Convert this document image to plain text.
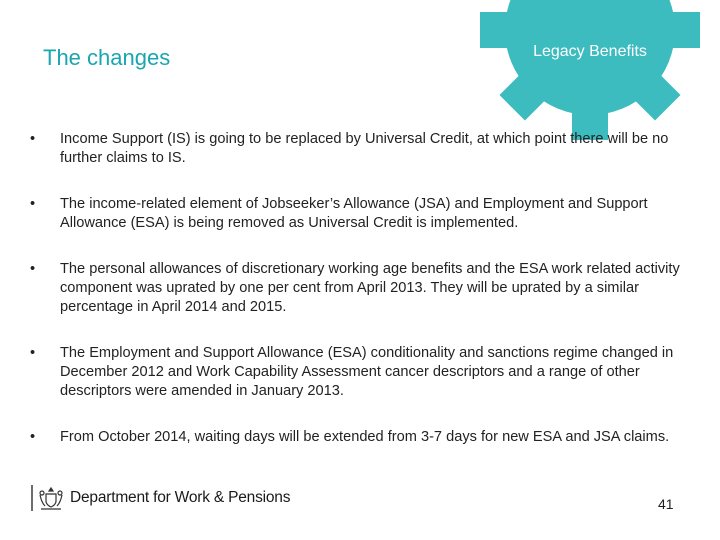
Legacy Benefits
The changes
•	Income Support (IS) is going to be replaced by Universal Credit, at which point there will be no further claims to IS.
•	The income-related element of Jobseeker’s Allowance (JSA) and Employment and Support Allowance (ESA) is being removed as Universal Credit is implemented.
•	The personal allowances of discretionary working age benefits and the ESA work related activity component was uprated by one per cent from April 2013. They will be uprated by a similar percentage in April 2014 and 2015.
•	The Employment and Support Allowance (ESA) conditionality and sanctions regime changed in December 2012 and Work Capability Assessment cancer descriptors and a range of other descriptors were amended in January 2013.
•	From October 2014, waiting days will be extended from 3-7 days for new ESA and JSA claims.
Department for Work & Pensions	41
